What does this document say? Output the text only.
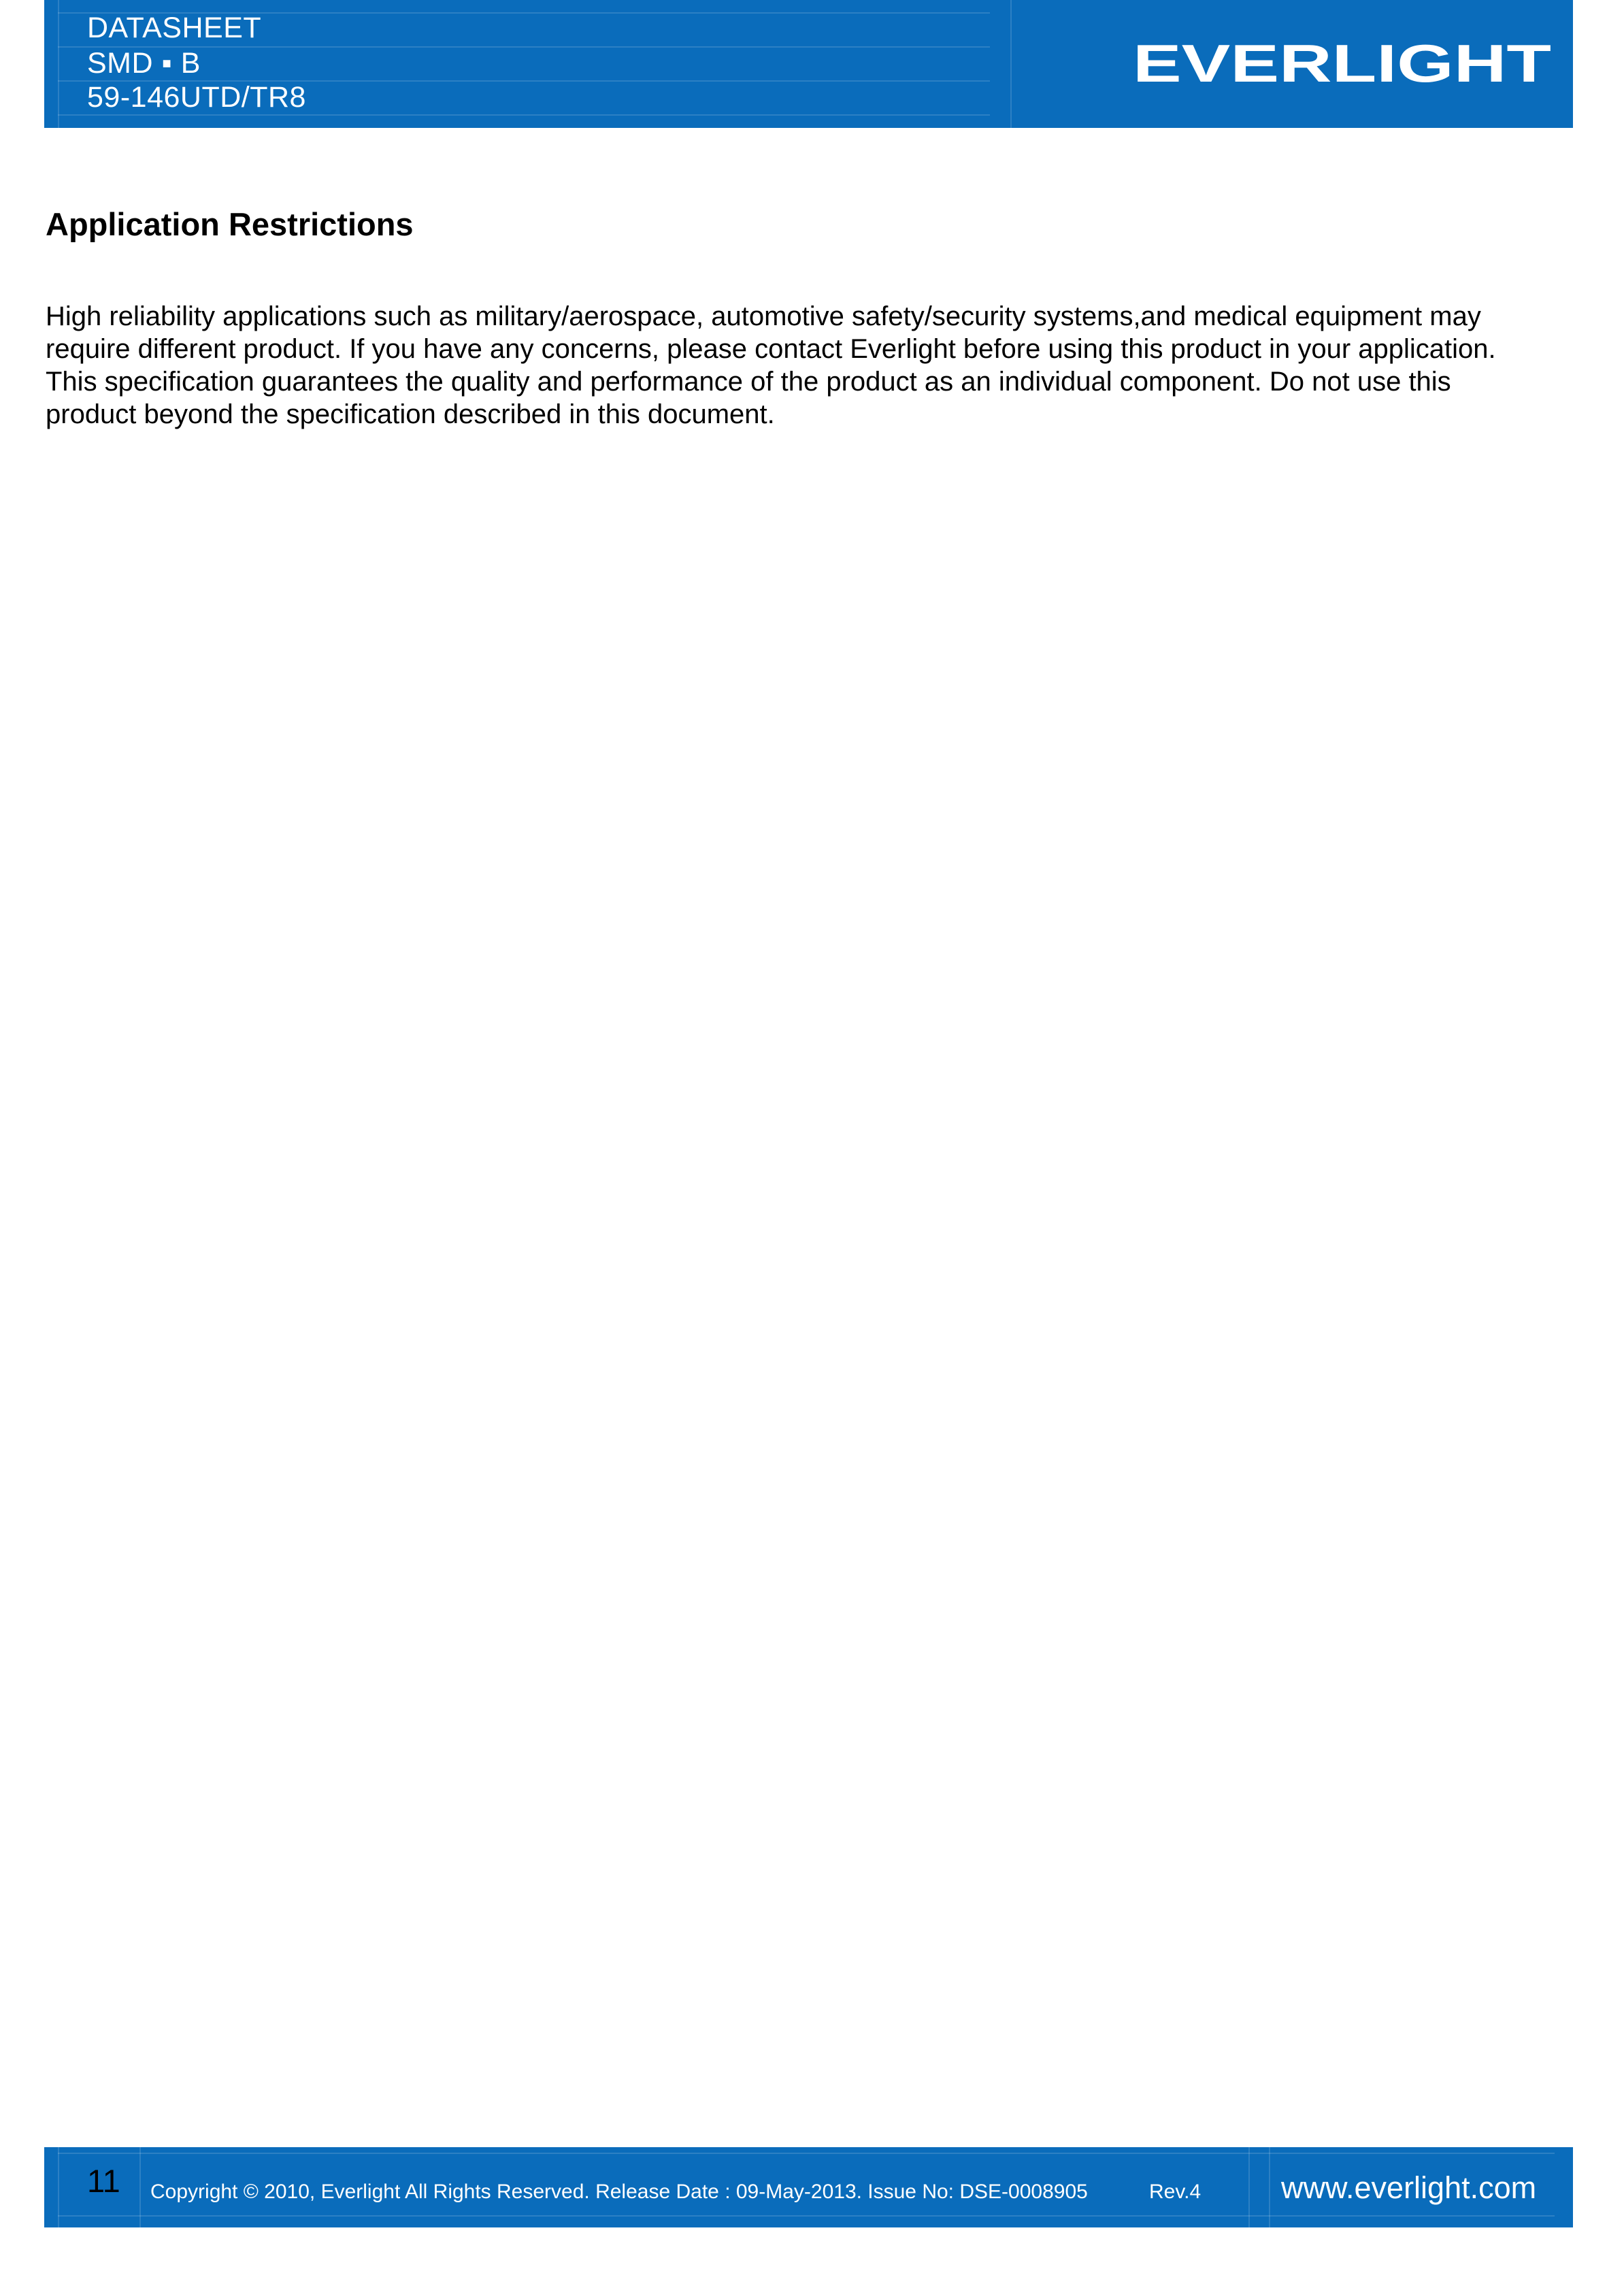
DATASHEET
SMD ▪ B
59-146UTD/TR8
EVERLIGHT
Application Restrictions
High reliability applications such as military/aerospace, automotive safety/security systems,and medical equipment may
require different product. If you have any concerns, please contact Everlight before using this product in your application.
This specification guarantees the quality and performance of the product as an individual component. Do not use this
product beyond the specification described in this document.
11 Copyright © 2010, Everlight All Rights Reserved. Release Date : 09-May-2013. Issue No: DSE-0008905	Rev.4	www.everlight.com
